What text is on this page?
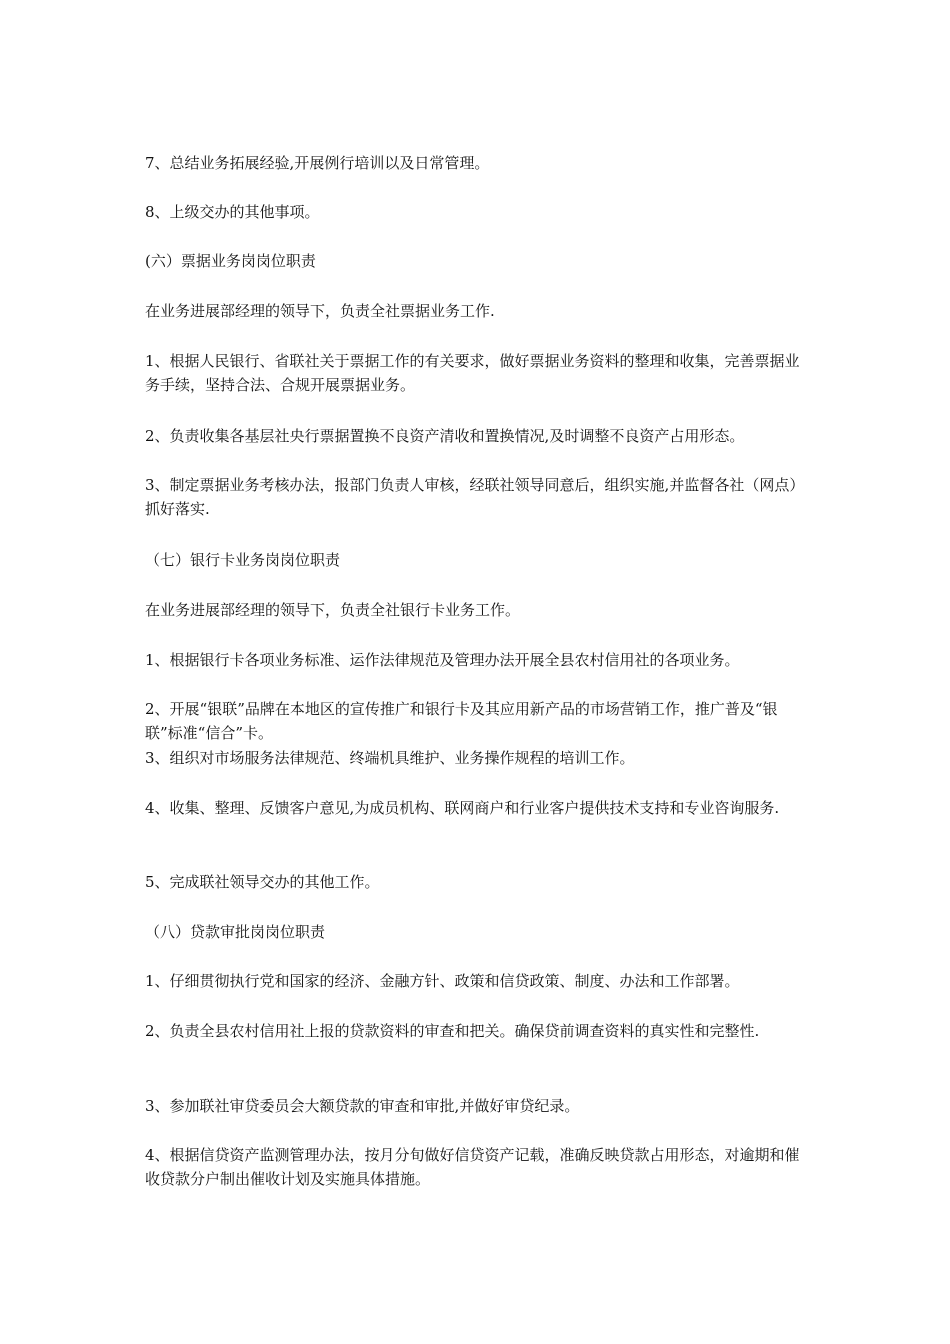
7、总结业务拓展经验,开展例行培训以及日常管理。

8、上级交办的其他事项。

(六）票据业务岗岗位职责

在业务进展部经理的领导下，负责全社票据业务工作.

1、根据人民银行、省联社关于票据工作的有关要求，做好票据业务资料的整理和收集，完善票据业务手续，坚持合法、合规开展票据业务。

2、负责收集各基层社央行票据置换不良资产清收和置换情况,及时调整不良资产占用形态。

3、制定票据业务考核办法，报部门负责人审核，经联社领导同意后，组织实施,并监督各社（网点）抓好落实.

（七）银行卡业务岗岗位职责

在业务进展部经理的领导下，负责全社银行卡业务工作。

1、根据银行卡各项业务标准、运作法律规范及管理办法开展全县农村信用社的各项业务。

2、开展“银联”品牌在本地区的宣传推广和银行卡及其应用新产品的市场营销工作，推广普及“银联”标准“信合”卡。

3、组织对市场服务法律规范、终端机具维护、业务操作规程的培训工作。

4、收集、整理、反馈客户意见,为成员机构、联网商户和行业客户提供技术支持和专业咨询服务.

5、完成联社领导交办的其他工作。

（八）贷款审批岗岗位职责

1、仔细贯彻执行党和国家的经济、金融方针、政策和信贷政策、制度、办法和工作部署。

2、负责全县农村信用社上报的贷款资料的审查和把关。确保贷前调查资料的真实性和完整性.

3、参加联社审贷委员会大额贷款的审查和审批,并做好审贷纪录。

4、根据信贷资产监测管理办法，按月分旬做好信贷资产记载，准确反映贷款占用形态，对逾期和催收贷款分户制出催收计划及实施具体措施。
